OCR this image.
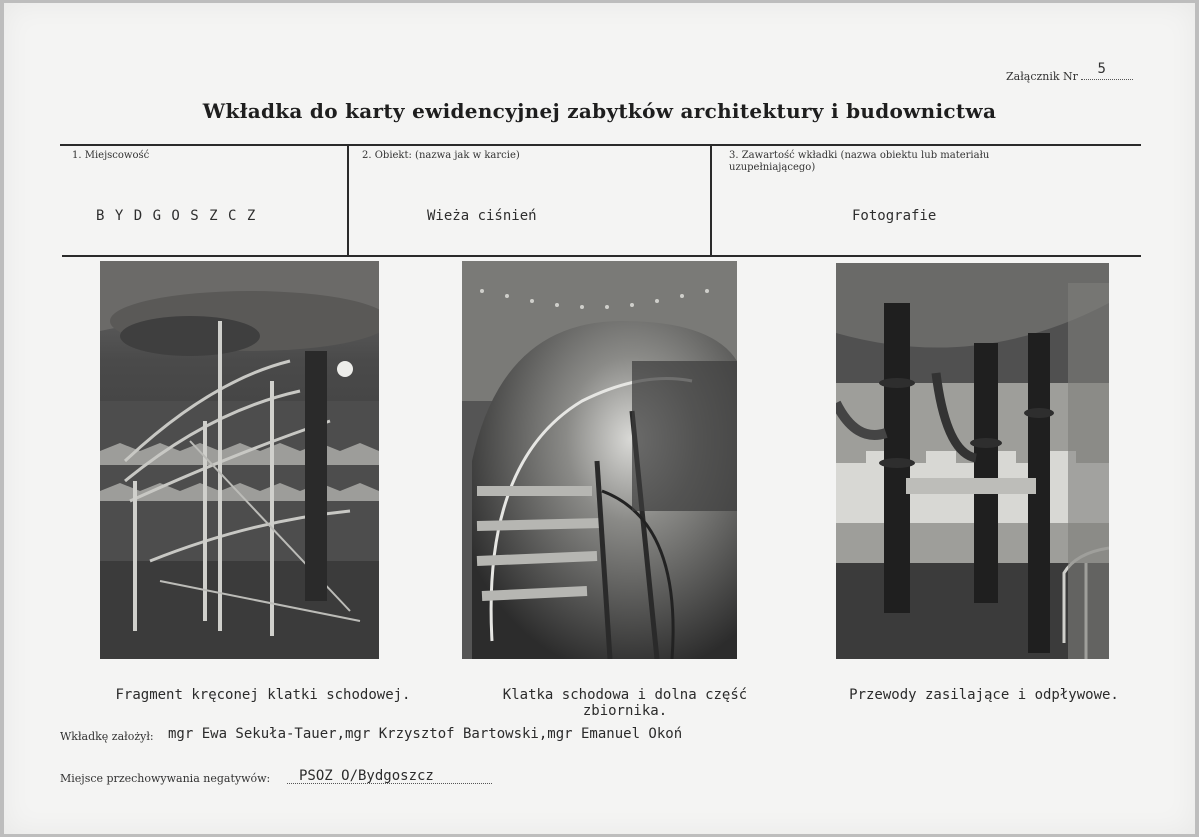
Załącznik Nr 5
Wkładka do karty ewidencyjnej zabytków architektury i budownictwa
1. Miejscowość	2. Obiekt: (nazwa jak w karcie)	3. Zawartość wkładki (nazwa obiektu lub materiału uzupełniającego)
B Y D G O S Z C Z	Wieża ciśnień	Fotografie
Fragment kręconej klatki schodowej.	Klatka schodowa i dolna część
zbiornika.
Przewody zasilające i odpływowe.
Wkładkę założył: mgr Ewa Sekuła-Tauer,mgr Krzysztof Bartowski,mgr Emanuel Okoń
Miejsce przechowywania negatywów: PSOZ O/Bydgoszcz
